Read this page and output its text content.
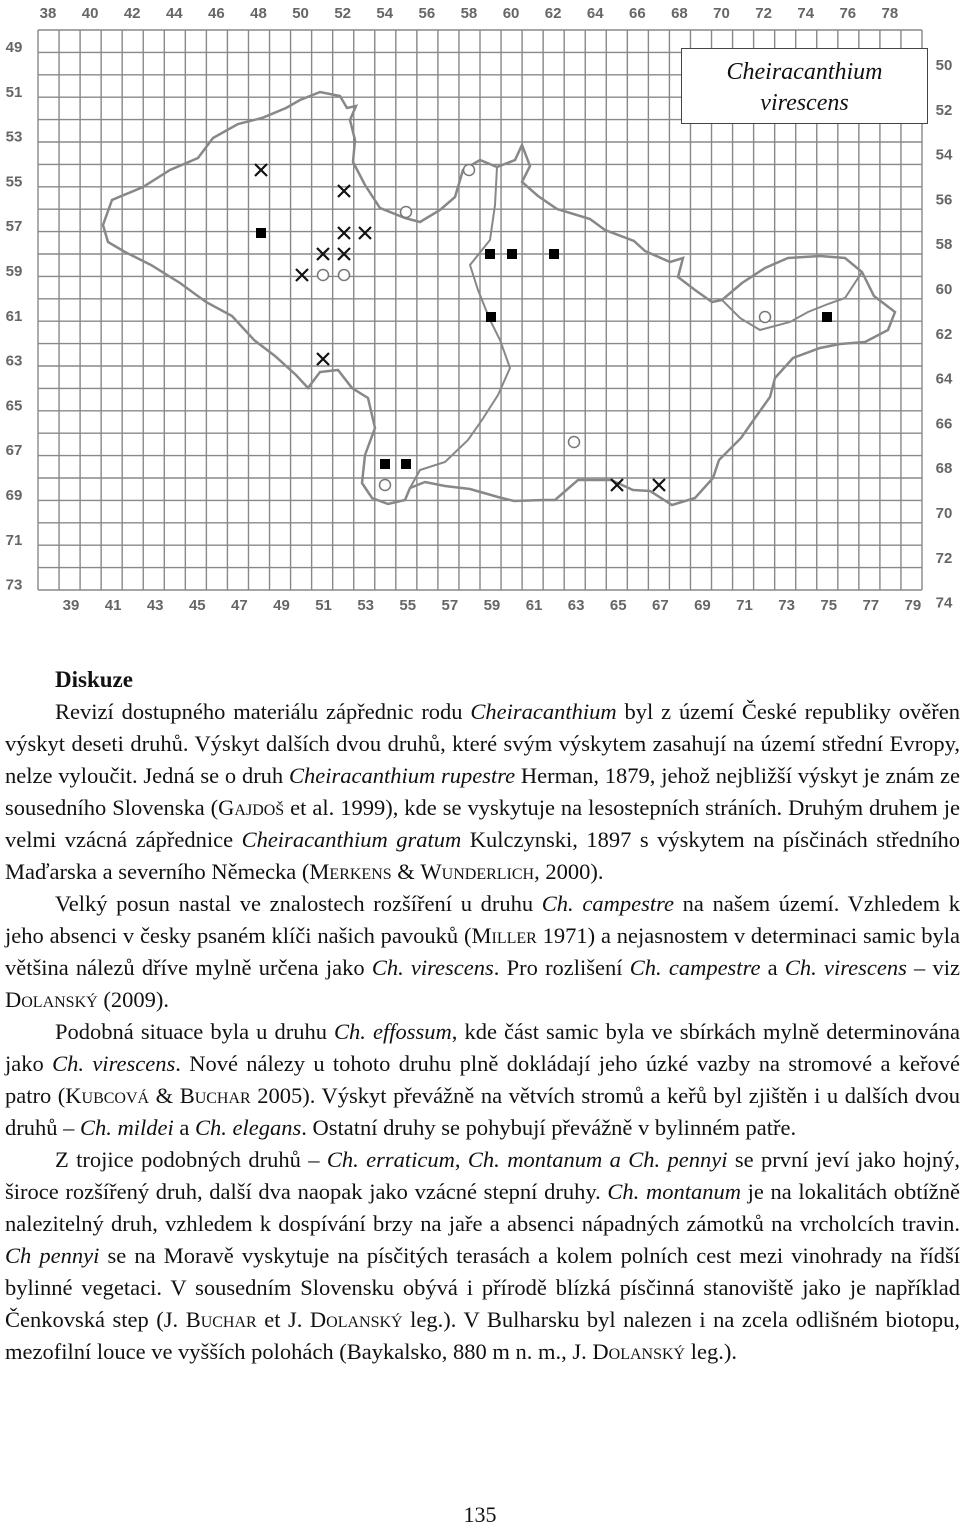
38 40 42 44 46 48 50 52 54 56 58 60 62 64 66 68 70 72 74 76 78
39 41 43 45 47 49 51 53 55 57 59 61 63 65 67 69 71 73 75 77 79
49
51
53
55
57
59
61
63
65
67
69
71
73
50
52
54
56
58
60
62
64
66
68
70
72
74
Cheiracanthium
virescens
Diskuze

Revizí dostupného materiálu zápřednic rodu Cheiracanthium byl z území České republiky ověřen výskyt deseti druhů. Výskyt dalších dvou druhů, které svým výskytem zasahují na území střední Evropy, nelze vyloučit. Jedná se o druh Cheiracanthium rupestre Herman, 1879, jehož nejbližší výskyt je znám ze sousedního Slovenska (Gajdoš et al. 1999), kde se vyskytuje na lesostepních stráních. Druhým druhem je velmi vzácná zápřednice Cheiracanthium gratum Kulczynski, 1897 s výskytem na písčinách středního Maďarska a severního Německa (Merkens & Wunderlich, 2000).

Velký posun nastal ve znalostech rozšíření u druhu Ch. campestre na našem území. Vzhledem k jeho absenci v česky psaném klíči našich pavouků (Miller 1971) a nejasnostem v determinaci samic byla většina nálezů dříve mylně určena jako Ch. virescens. Pro rozlišení Ch. campestre a Ch. virescens – viz Dolanský (2009).

Podobná situace byla u druhu Ch. effossum, kde část samic byla ve sbírkách mylně determinována jako Ch. virescens. Nové nálezy u tohoto druhu plně dokládají jeho úzké vazby na stromové a keřové patro (Kubcová & Buchar 2005). Výskyt převážně na větvích stromů a keřů byl zjištěn i u dalších dvou druhů – Ch. mildei a Ch. elegans. Ostatní druhy se pohybují převážně v bylinném patře.

Z trojice podobných druhů – Ch. erraticum, Ch. montanum a Ch. pennyi se první jeví jako hojný, široce rozšířený druh, další dva naopak jako vzácné stepní druhy. Ch. montanum je na lokalitách obtížně nalezitelný druh, vzhledem k dospívání brzy na jaře a absenci nápadných zámotků na vrcholcích travin. Ch pennyi se na Moravě vyskytuje na písčitých terasách a kolem polních cest mezi vinohrady na řídší bylinné vegetaci. V sousedním Slovensku obývá i přírodě blízká písčinná stanoviště jako je například Čenkovská step (J. Buchar et J. Dolanský leg.). V Bulharsku byl nalezen i na zcela odlišném biotopu, mezofilní louce ve vyšších polohách (Baykalsko, 880 m n. m., J. Dolanský leg.).

135
